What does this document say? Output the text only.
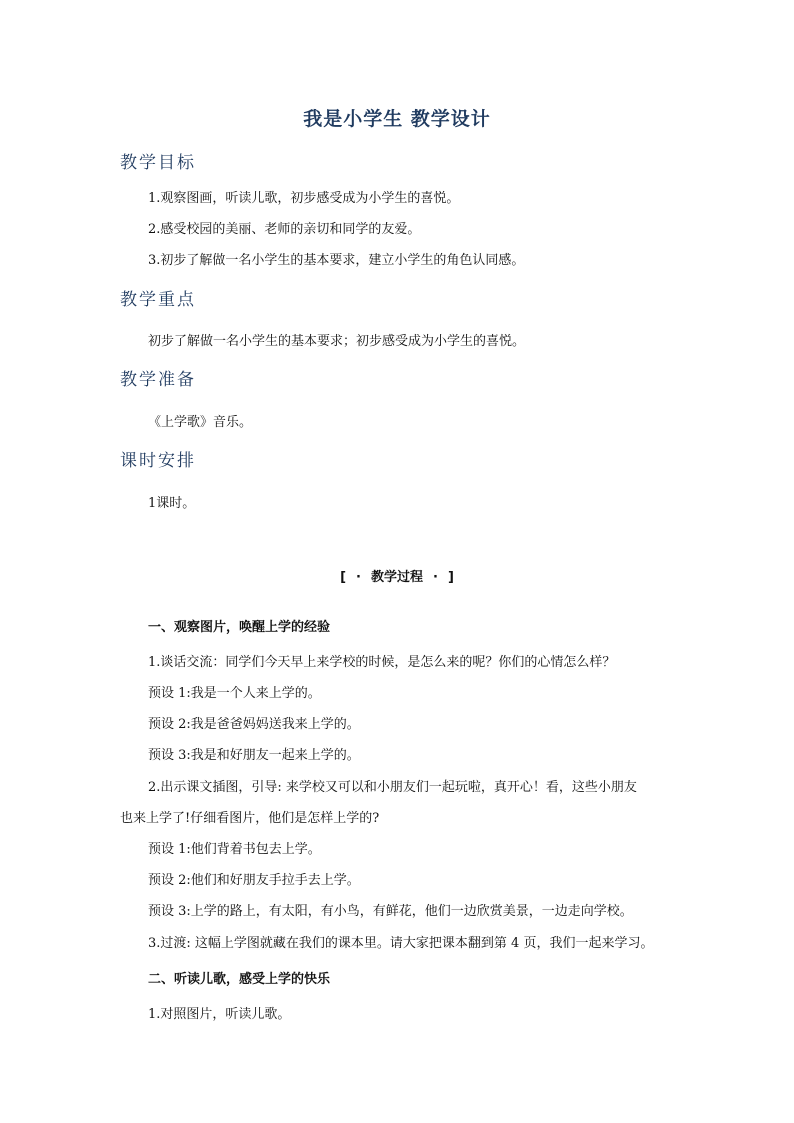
我是小学生 教学设计
教学目标
1.观察图画，听读儿歌，初步感受成为小学生的喜悦。
2.感受校园的美丽、老师的亲切和同学的友爱。
3.初步了解做一名小学生的基本要求，建立小学生的角色认同感。
教学重点
初步了解做一名小学生的基本要求；初步感受成为小学生的喜悦。
教学准备
《上学歌》音乐。
课时安排
1课时。
[ · 教学过程 · ]
一、观察图片，唤醒上学的经验
1.谈话交流：同学们今天早上来学校的时候，是怎么来的呢？你们的心情怎么样？
预设 1:我是一个人来上学的。
预设 2:我是爸爸妈妈送我来上学的。
预设 3:我是和好朋友一起来上学的。
2.出示课文插图，引导: 来学校又可以和小朋友们一起玩啦，真开心！看，这些小朋友
也来上学了!仔细看图片，他们是怎样上学的?
预设 1:他们背着书包去上学。
预设 2:他们和好朋友手拉手去上学。
预设 3:上学的路上，有太阳，有小鸟，有鲜花，他们一边欣赏美景，一边走向学校。
3.过渡: 这幅上学图就藏在我们的课本里。请大家把课本翻到第 4 页，我们一起来学习。
二、听读儿歌，感受上学的快乐
1.对照图片，听读儿歌。
